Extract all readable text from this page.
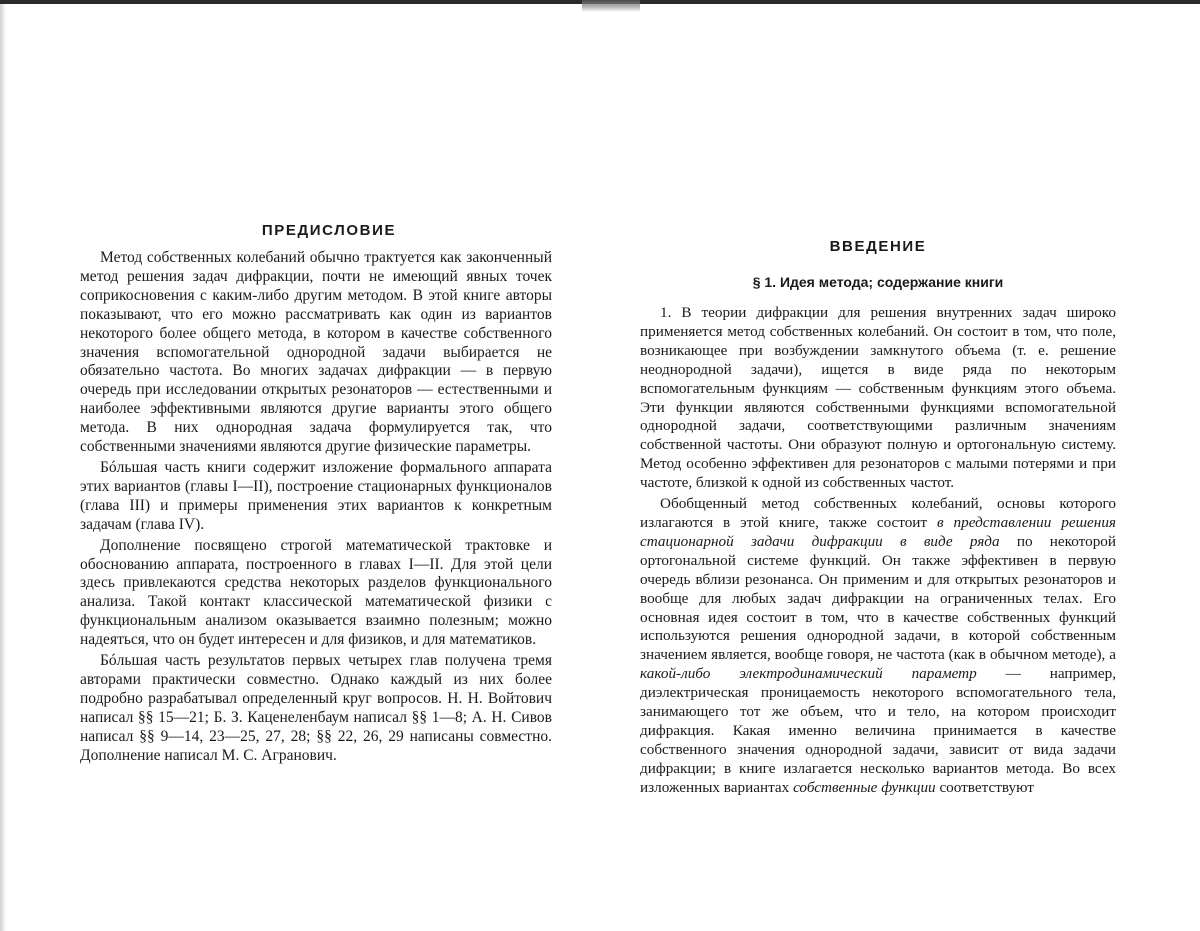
ПРЕДИСЛОВИЕ

Метод собственных колебаний обычно трактуется как законченный метод решения задач дифракции, почти не имеющий явных точек соприкосновения с каким-либо другим методом. В этой книге авторы показывают, что его можно рассматривать как один из вариантов некоторого более общего метода, в котором в качестве собственного значения вспомогательной однородной задачи выбирается не обязательно частота. Во многих задачах дифракции — в первую очередь при исследовании открытых резонаторов — естественными и наиболее эффективными являются другие варианты этого общего метода. В них однородная задача формулируется так, что собственными значениями являются другие физические параметры.

Бóльшая часть книги содержит изложение формального аппарата этих вариантов (главы I—II), построение стационарных функционалов (глава III) и примеры применения этих вариантов к конкретным задачам (глава IV).

Дополнение посвящено строгой математической трактовке и обоснованию аппарата, построенного в главах I—II. Для этой цели здесь привлекаются средства некоторых разделов функционального анализа. Такой контакт классической математической физики с функциональным анализом оказывается взаимно полезным; можно надеяться, что он будет интересен и для физиков, и для математиков.

Бóльшая часть результатов первых четырех глав получена тремя авторами практически совместно. Однако каждый из них более подробно разрабатывал определенный круг вопросов. Н. Н. Войтович написал §§ 15—21; Б. З. Каценеленбаум написал §§ 1—8; А. Н. Сивов написал §§ 9—14, 23—25, 27, 28; §§ 22, 26, 29 написаны совместно. Дополнение написал М. С. Агранович.

ВВЕДЕНИЕ
§ 1. Идея метода; содержание книги

1. В теории дифракции для решения внутренних задач широко применяется метод собственных колебаний. Он состоит в том, что поле, возникающее при возбуждении замкнутого объема (т. е. решение неоднородной задачи), ищется в виде ряда по некоторым вспомогательным функциям — собственным функциям этого объема. Эти функции являются собственными функциями вспомогательной однородной задачи, соответствующими различным значениям собственной частоты. Они образуют полную и ортогональную систему. Метод особенно эффективен для резонаторов с малыми потерями и при частоте, близкой к одной из собственных частот.

Обобщенный метод собственных колебаний, основы которого излагаются в этой книге, также состоит в представлении решения стационарной задачи дифракции в виде ряда по некоторой ортогональной системе функций. Он также эффективен в первую очередь вблизи резонанса. Он применим и для открытых резонаторов и вообще для любых задач дифракции на ограниченных телах. Его основная идея состоит в том, что в качестве собственных функций используются решения однородной задачи, в которой собственным значением является, вообще говоря, не частота (как в обычном методе), а какой-либо электродинамический параметр — например, диэлектрическая проницаемость некоторого вспомогательного тела, занимающего тот же объем, что и тело, на котором происходит дифракция. Какая именно величина принимается в качестве собственного значения однородной задачи, зависит от вида задачи дифракции; в книге излагается несколько вариантов метода. Во всех изложенных вариантах собственные функции соответствуют
